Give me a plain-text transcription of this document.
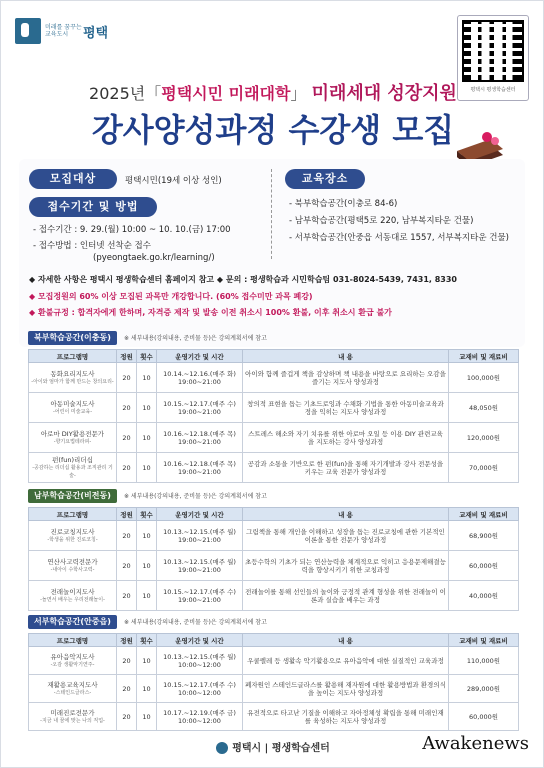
미래를 꿈꾸는
교육도시	평택
평택시 평생학습센터
2025년「평택시민 미래대학」 미래세대 성장지원
강사양성과정 수강생 모집
모집대상	평택시민(19세 이상 성인)
접수기간 및 방법
- 접수기간 : 9. 29.(월) 10:00 ~ 10. 10.(금) 17:00
- 접수방법 : 인터넷 선착순 접수
(pyeongtaek.go.kr/learning/)
교육장소
- 북부학습공간(이충로 84-6)
- 남부학습공간(평택5로 220, 남부복지타운 건물)
- 서부학습공간(안중읍 서동대로 1557, 서부복지타운 건물)
◆ 자세한 사항은 평택시 평생학습센터 홈페이지 참고 ◆ 문의 : 평생학습과 시민학습팀 031-8024-5439, 7431, 8330
◆ 모집정원의 60% 이상 모집된 과목만 개강합니다. (60% 접수미만 과목 폐강)
◆ 환불규정 : 합격자에게 한하며, 자격증 제작 및 발송 이전 취소시 100% 환불, 이후 취소시 환급 불가
북부학습공간(이충동)	※ 세부내용(강의내용, 준비물 등)은 강의계획서에 참고
프로그램명	정원	횟수	운영기간 및 시간	내 용	교재비 및 재료비
동화요리지도사
-아이와 엄마가 함께 만드는 창의요리-	20	10	10.14.~12.16.(매주 화)
19:00~21:00	아이와 함께 즐겁게 책을 감상하며 책 내용을 바탕으로 요리하는 오감을 즐기는 지도사 양성과정	100,000원
아동미술지도사
-어린이 미술교육-	20	10	10.15.~12.17.(매주 수)
19:00~21:00	창의적 표현을 돕는 기초드로잉과 수채화 기법을 통한 아동미술교육과정을 익히는 지도사 양성과정	48,050원
아로마 DIY활용전문가
-향기요법테라피-	20	10	10.16.~12.18.(매주 목)
19:00~21:00	스트레스 해소와 자기 치유를 위한 아로마 오일 등 이용 DIY 관련교육을 지도하는 강사 양성과정	120,000원
펀(fun)리더십
-공감하는 리더십 활용과 조직관리 기술-	20	10	10.16.~12.18.(매주 목)
19:00~21:00	공감과 소통을 기반으로 한 펀(fun)을 통해 자기개발과 강사 전문성을 키우는 교육 전문가 양성과정	70,000원
남부학습공간(비전동)	※ 세부내용(강의내용, 준비물 등)은 강의계획서에 참고
프로그램명	정원	횟수	운영기간 및 시간	내 용	교재비 및 재료비
진로코칭지도사
-학생을 위한 진로코칭-	20	10	10.13.~12.15.(매주 월)
19:00~21:00	그림책을 통해 개인을 이해하고 성장을 돕는 진로코칭에 관한 기본적인 이론을 통한 전문가 양성과정	68,900원
연산사고력전문가
-내아이 수학사고력-	20	10	10.13.~12.15.(매주 월)
19:00~21:00	초등수학의 기초가 되는 연산능력을 체계적으로 익히고 응용문제해결능력을 향상시키기 위한 코칭과정	60,000원
전래놀이지도사
-놀면서 배우는 우리전래놀이-	20	10	10.15.~12.17.(매주 수)
19:00~21:00	전래놀이를 통해 선인들의 놀이와 긍정적 관계 형성을 위한 전래놀이 이론과 실습을 배우는 과정	40,000원
서부학습공간(안중읍)	※ 세부내용(강의내용, 준비물 등)은 강의계획서에 참고
프로그램명	정원	횟수	운영기간 및 시간	내 용	교재비 및 재료비
유아음악지도사
-오감 생활악기연주-	20	10	10.13.~12.15.(매주 월)
10:00~12:00	우쿨렐레 등 생활속 악기활용으로 유아음악에 대한 실질적인 교육과정	110,000원
재활용교육지도사
-스테인드글라스-	20	10	10.15.~12.17.(매주 수)
10:00~12:00	폐자원인 스테인드글라스를 활용해 재자원에 대한 활용방법과 환경의식을 높이는 지도사 양성과정	289,000원
미래진로전문가
-지금 내 꿈에 맞는 나의 직업-	20	10	10.17.~12.19.(매주 금)
10:00~12:00	유전적으로 타고난 기질을 이해하고 자아정체성 확립을 통해 미래인재를 육성하는 지도사 양성과정	60,000원
평택시 | 평생학습센터	Awakenews
